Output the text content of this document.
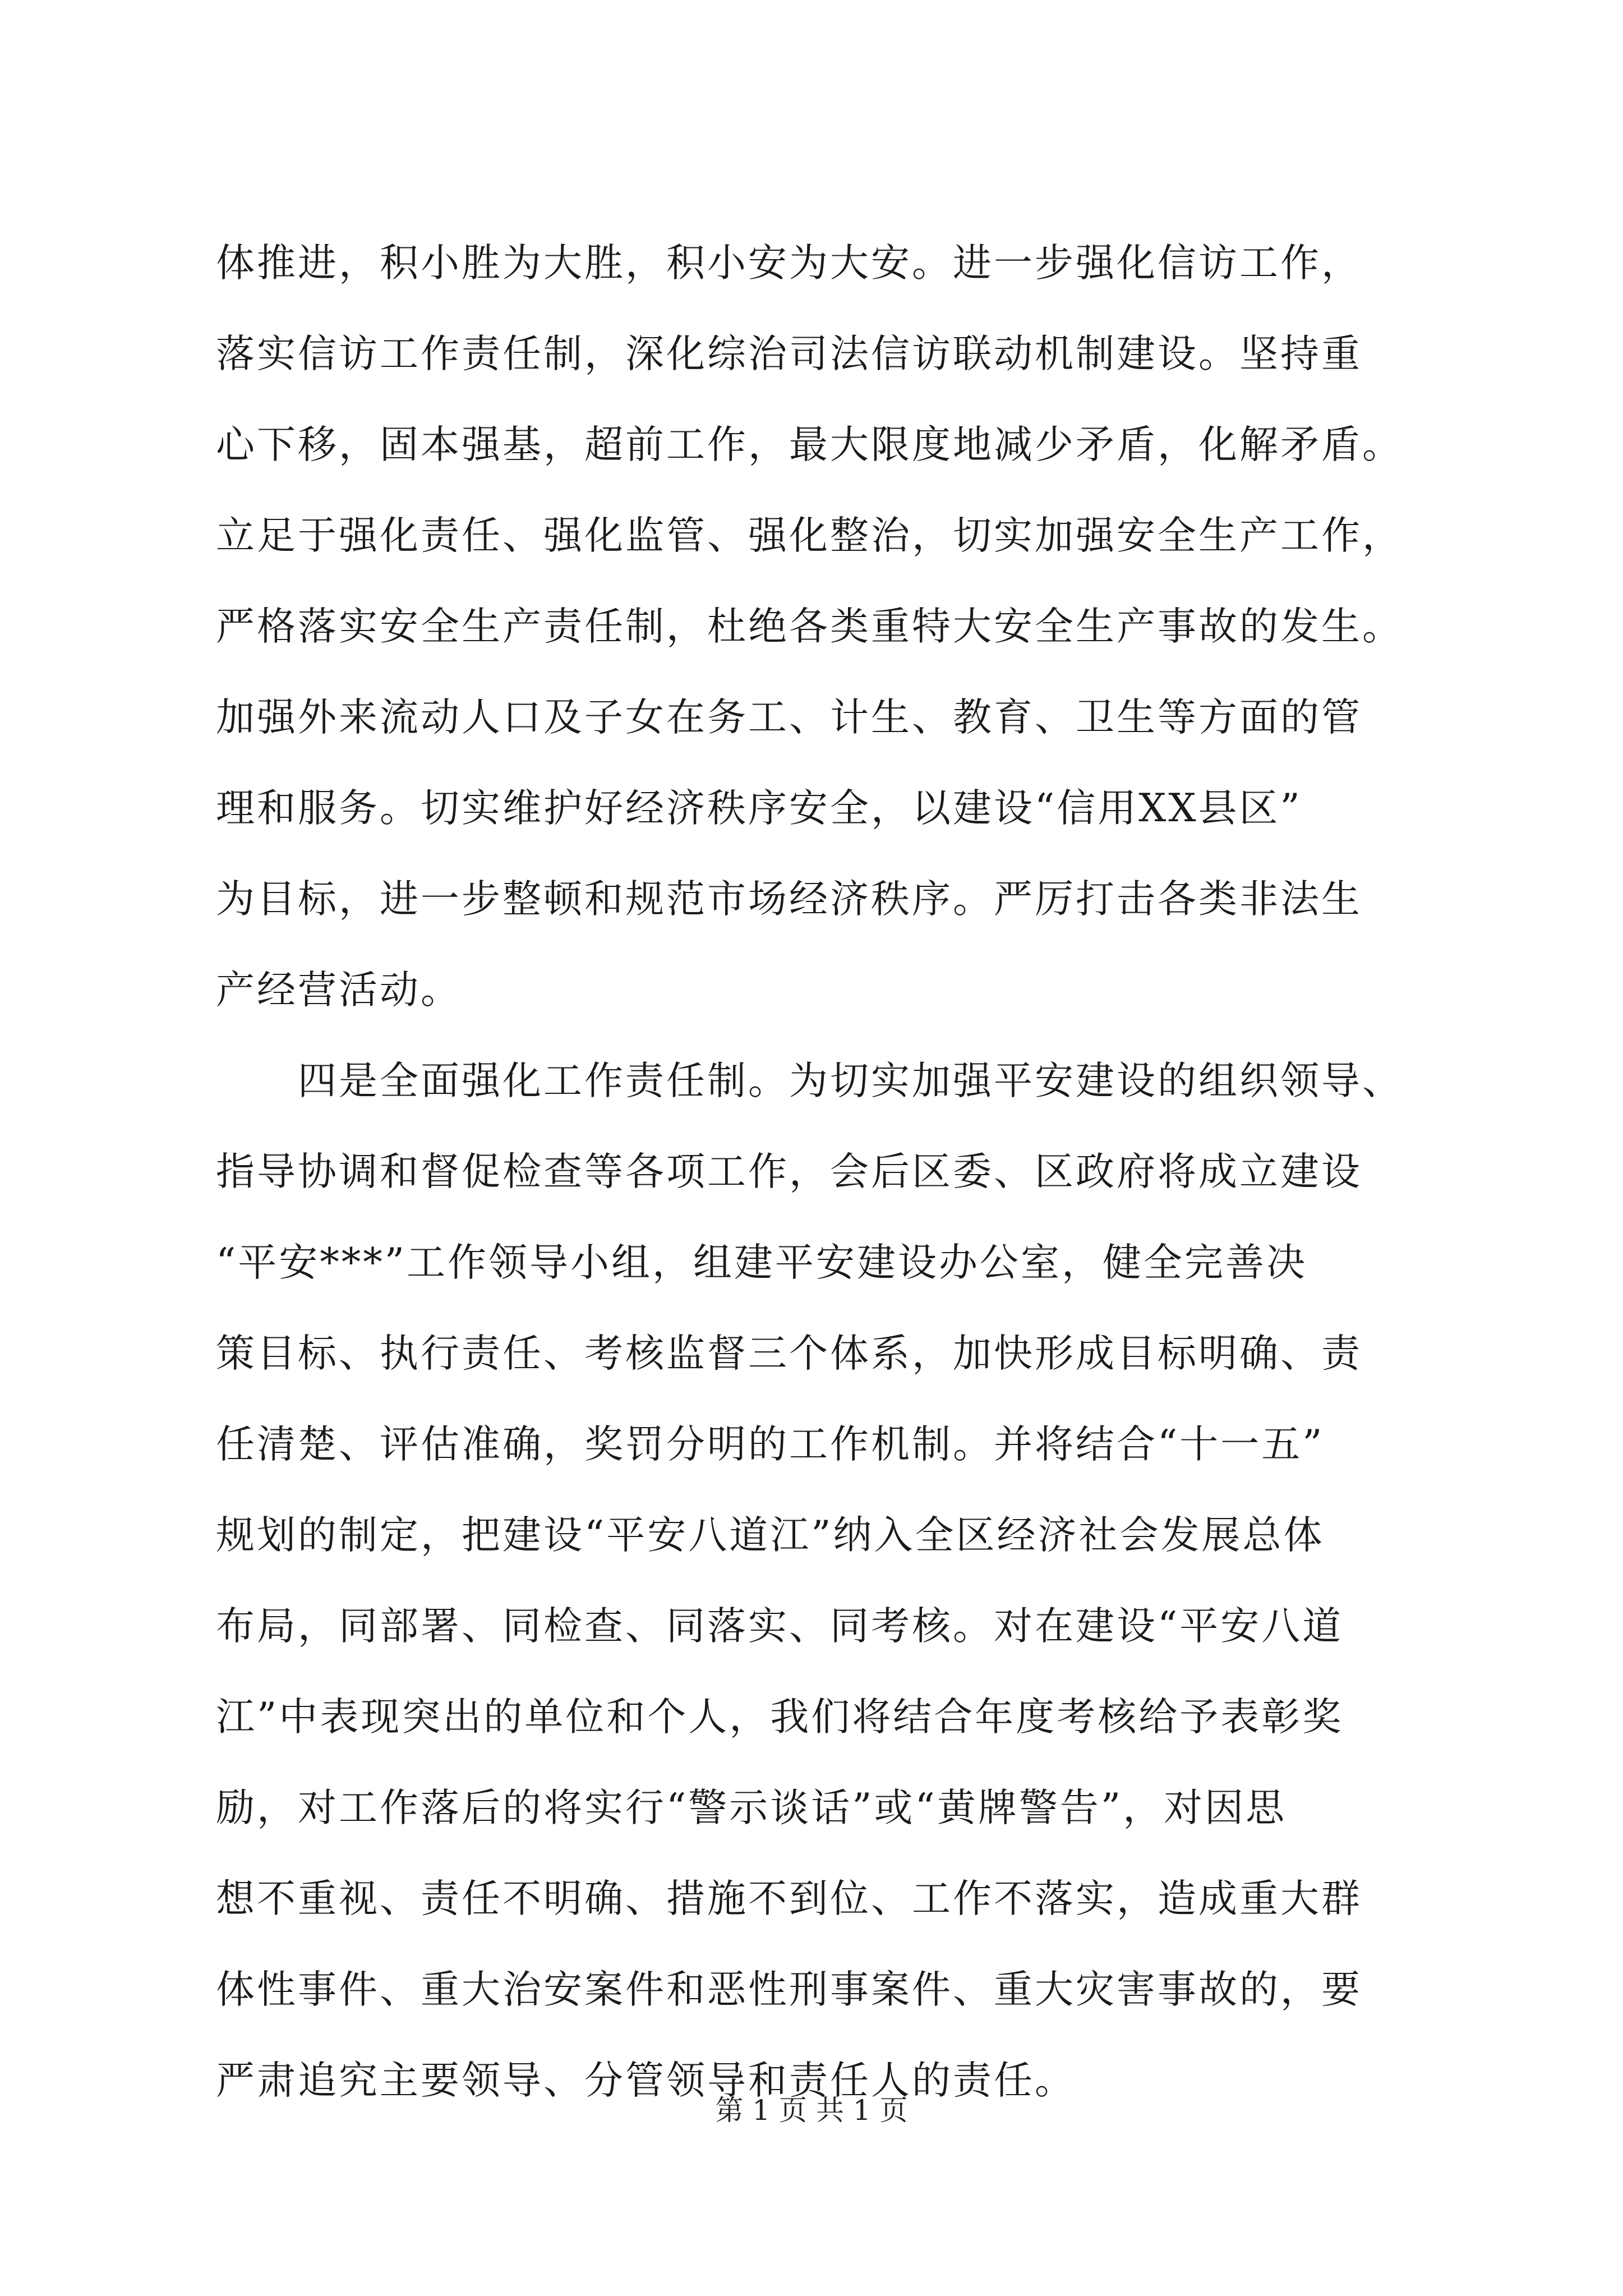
体推进，积小胜为大胜，积小安为大安。进一步强化信访工作，
落实信访工作责任制，深化综治司法信访联动机制建设。坚持重
心下移，固本强基，超前工作，最大限度地减少矛盾，化解矛盾。
立足于强化责任、强化监管、强化整治，切实加强安全生产工作，
严格落实安全生产责任制，杜绝各类重特大安全生产事故的发生。
加强外来流动人口及子女在务工、计生、教育、卫生等方面的管
理和服务。切实维护好经济秩序安全，以建设“信用XX县区”
为目标，进一步整顿和规范市场经济秩序。严厉打击各类非法生
产经营活动。
四是全面强化工作责任制。为切实加强平安建设的组织领导、
指导协调和督促检查等各项工作，会后区委、区政府将成立建设
“平安***”工作领导小组，组建平安建设办公室，健全完善决
策目标、执行责任、考核监督三个体系，加快形成目标明确、责
任清楚、评估准确，奖罚分明的工作机制。并将结合“十一五”
规划的制定，把建设“平安八道江”纳入全区经济社会发展总体
布局，同部署、同检查、同落实、同考核。对在建设“平安八道
江”中表现突出的单位和个人，我们将结合年度考核给予表彰奖
励，对工作落后的将实行“警示谈话”或“黄牌警告”，对因思
想不重视、责任不明确、措施不到位、工作不落实，造成重大群
体性事件、重大治安案件和恶性刑事案件、重大灾害事故的，要
严肃追究主要领导、分管领导和责任人的责任。
第 1 页 共 1 页
